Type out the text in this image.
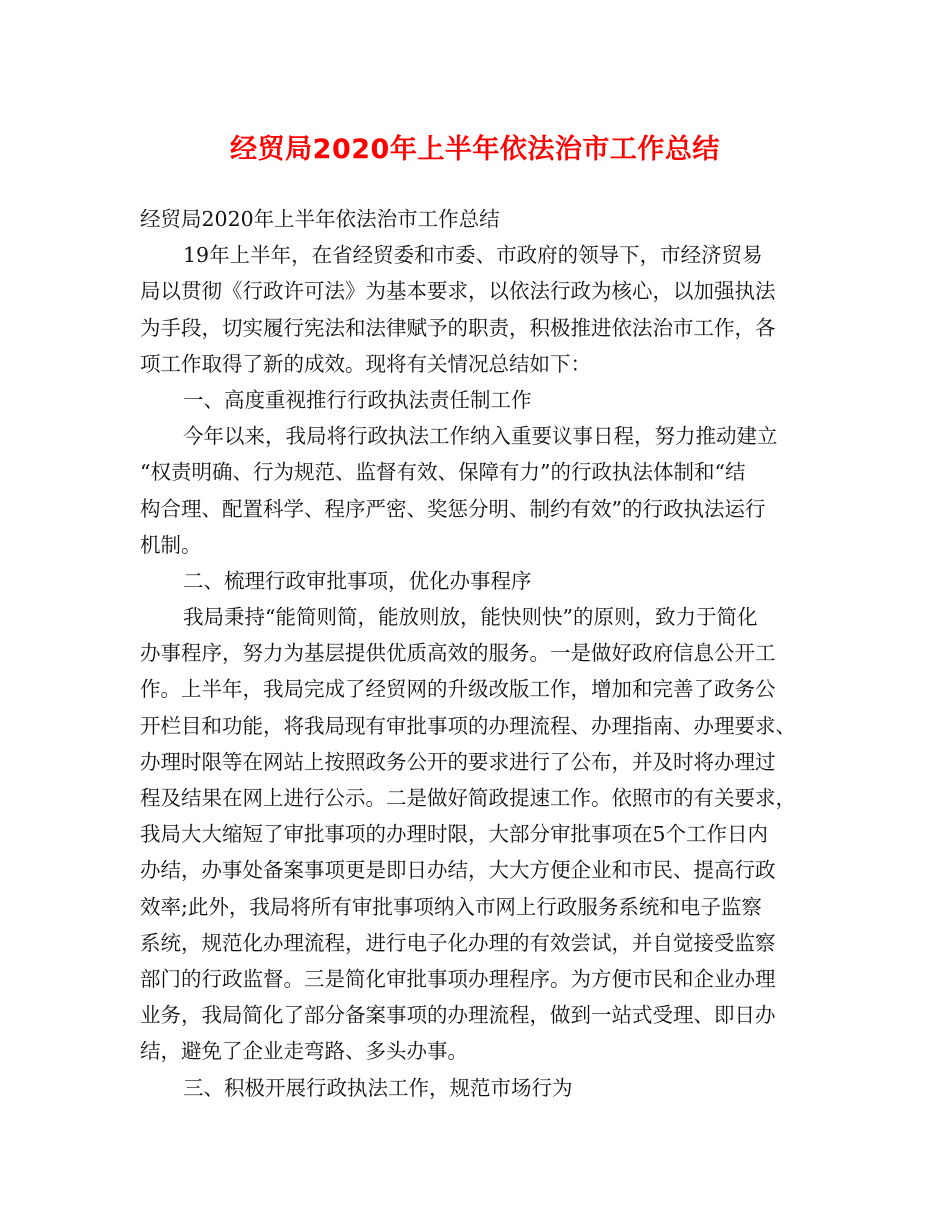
经贸局2020年上半年依法治市工作总结
经贸局2020年上半年依法治市工作总结
19年上半年，在省经贸委和市委、市政府的领导下，市经济贸易
局以贯彻《行政许可法》为基本要求，以依法行政为核心，以加强执法
为手段，切实履行宪法和法律赋予的职责，积极推进依法治市工作，各
项工作取得了新的成效。现将有关情况总结如下：
一、高度重视推行行政执法责任制工作
今年以来，我局将行政执法工作纳入重要议事日程，努力推动建立
“权责明确、行为规范、监督有效、保障有力”的行政执法体制和“结
构合理、配置科学、程序严密、奖惩分明、制约有效”的行政执法运行
机制。
二、梳理行政审批事项，优化办事程序
我局秉持“能简则简，能放则放，能快则快”的原则，致力于简化
办事程序，努力为基层提供优质高效的服务。一是做好政府信息公开工
作。上半年，我局完成了经贸网的升级改版工作，增加和完善了政务公
开栏目和功能，将我局现有审批事项的办理流程、办理指南、办理要求、
办理时限等在网站上按照政务公开的要求进行了公布，并及时将办理过
程及结果在网上进行公示。二是做好简政提速工作。依照市的有关要求，
我局大大缩短了审批事项的办理时限，大部分审批事项在5个工作日内
办结，办事处备案事项更是即日办结，大大方便企业和市民、提高行政
效率;此外，我局将所有审批事项纳入市网上行政服务系统和电子监察
系统，规范化办理流程，进行电子化办理的有效尝试，并自觉接受监察
部门的行政监督。三是简化审批事项办理程序。为方便市民和企业办理
业务，我局简化了部分备案事项的办理流程，做到一站式受理、即日办
结，避免了企业走弯路、多头办事。
三、积极开展行政执法工作，规范市场行为
